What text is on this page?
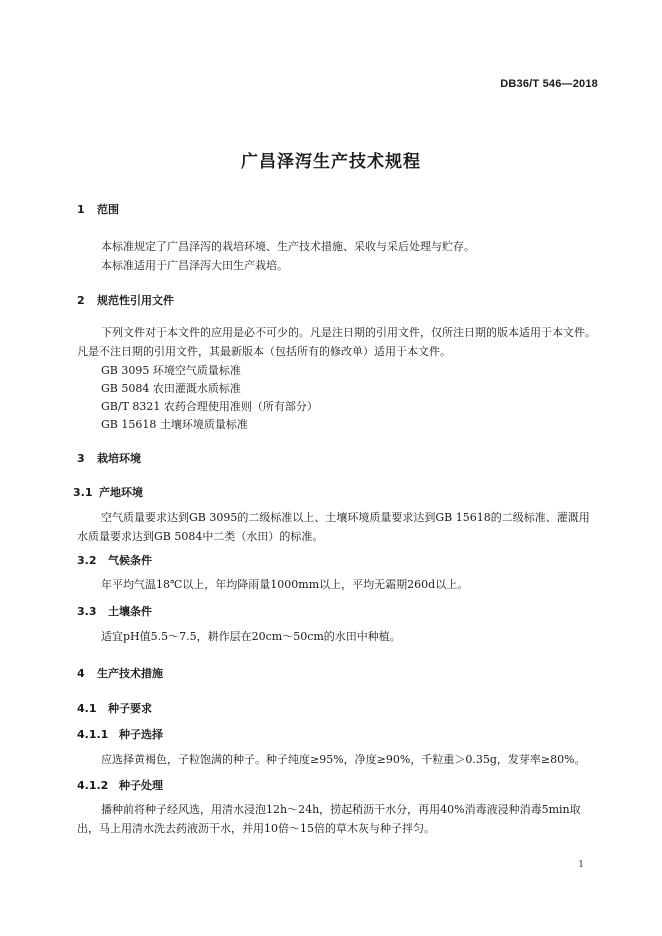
DB36/T 546—2018
广昌泽泻生产技术规程
1 范围
本标准规定了广昌泽泻的栽培环境、生产技术措施、采收与采后处理与贮存。
本标准适用于广昌泽泻大田生产栽培。
2 规范性引用文件
下列文件对于本文件的应用是必不可少的。凡是注日期的引用文件，仅所注日期的版本适用于本文件。凡是不注日期的引用文件，其最新版本（包括所有的修改单）适用于本文件。
GB 3095 环境空气质量标准
GB 5084 农田灌溉水质标准
GB/T 8321 农药合理使用准则（所有部分）
GB 15618 土壤环境质量标准
3 栽培环境
3.1 产地环境
空气质量要求达到GB 3095的二级标准以上、土壤环境质量要求达到GB 15618的二级标准、灌溉用水质量要求达到GB 5084中二类（水田）的标准。
3.2 气候条件
年平均气温18℃以上，年均降雨量1000mm以上，平均无霜期260d以上。
3.3 土壤条件
适宜pH值5.5～7.5，耕作层在20cm～50cm的水田中种植。
4 生产技术措施
4.1 种子要求
4.1.1 种子选择
应选择黄褐色，子粒饱满的种子。种子纯度≥95%，净度≥90%，千粒重＞0.35g，发芽率≥80%。
4.1.2 种子处理
播种前将种子经风选，用清水浸泡12h～24h，捞起稍沥干水分，再用40%消毒液浸种消毒5min取出，马上用清水洗去药液沥干水，并用10倍～15倍的草木灰与种子拌匀。
1
